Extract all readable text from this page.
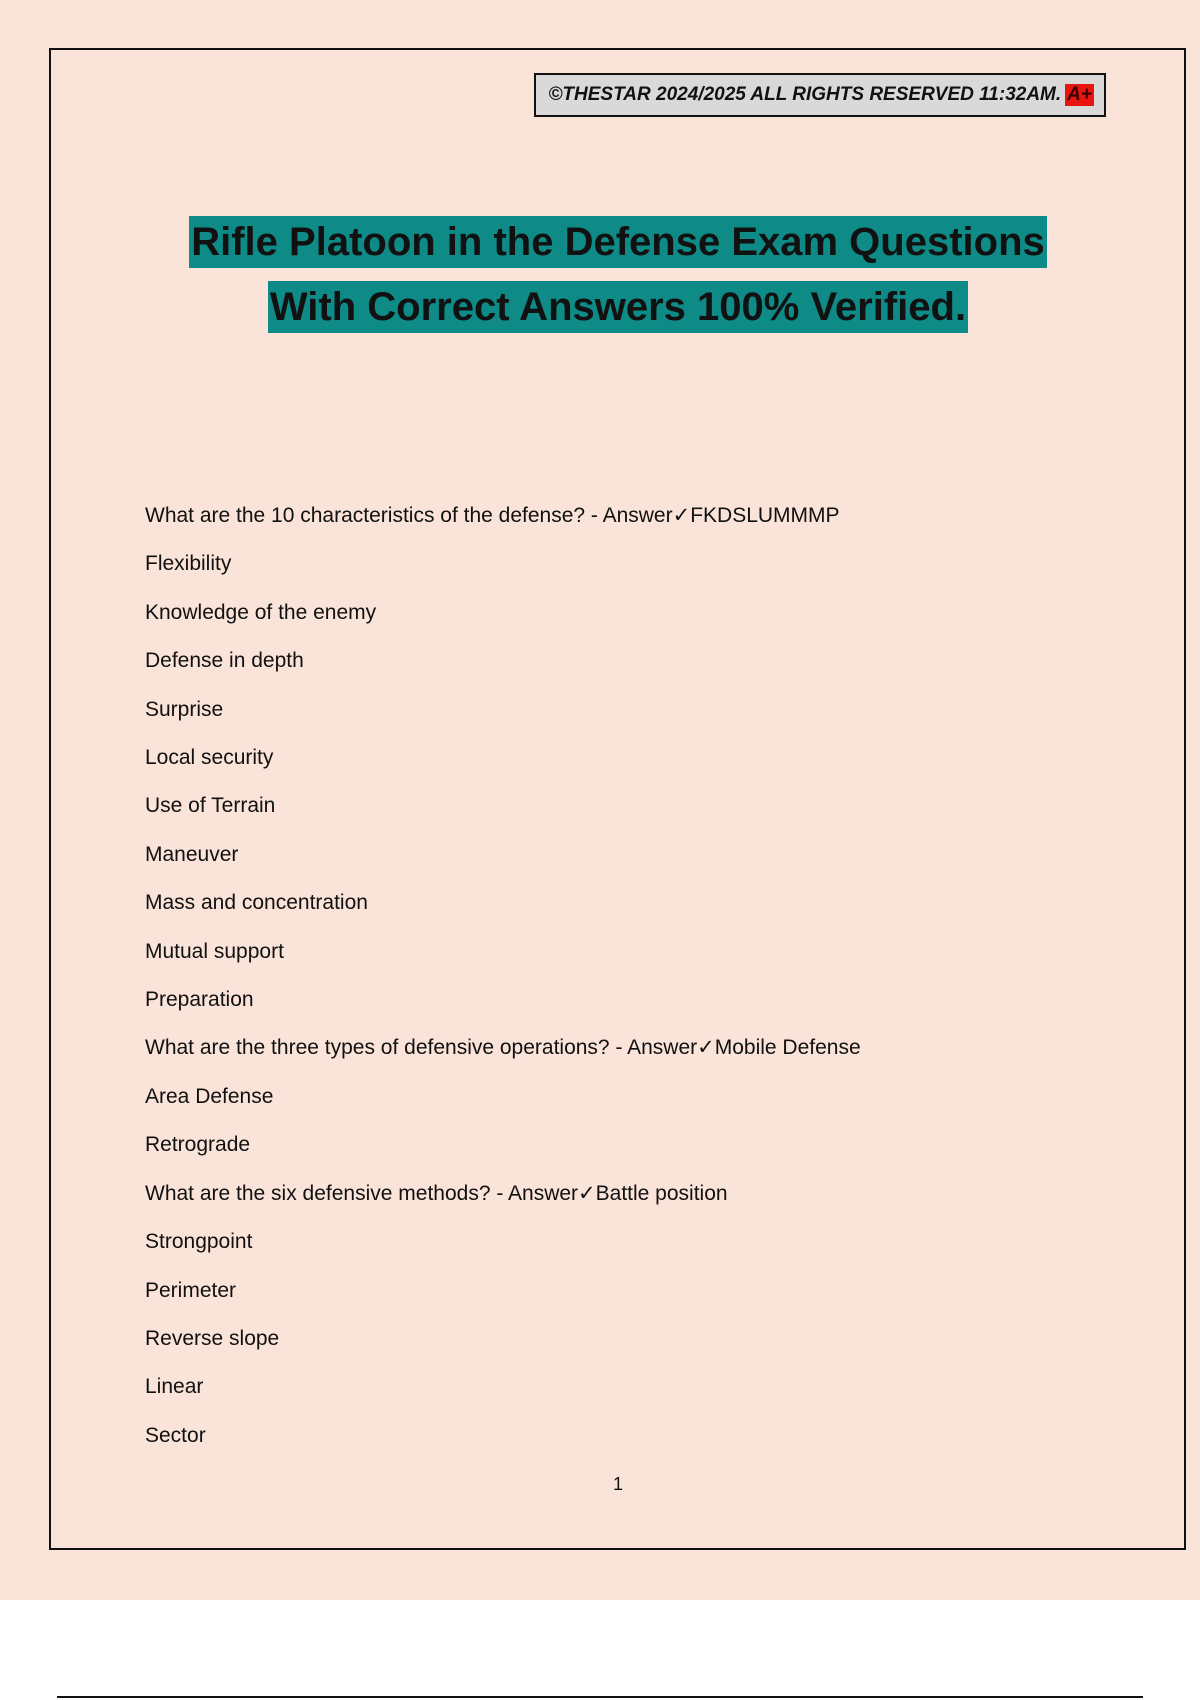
©THESTAR 2024/2025 ALL RIGHTS RESERVED 11:32AM. A+
Rifle Platoon in the Defense Exam Questions
With Correct Answers 100% Verified.
What are the 10 characteristics of the defense? - Answer✓FKDSLUMMMP
Flexibility
Knowledge of the enemy
Defense in depth
Surprise
Local security
Use of Terrain
Maneuver
Mass and concentration
Mutual support
Preparation
What are the three types of defensive operations? - Answer✓Mobile Defense
Area Defense
Retrograde
What are the six defensive methods? - Answer✓Battle position
Strongpoint
Perimeter
Reverse slope
Linear
Sector
1
